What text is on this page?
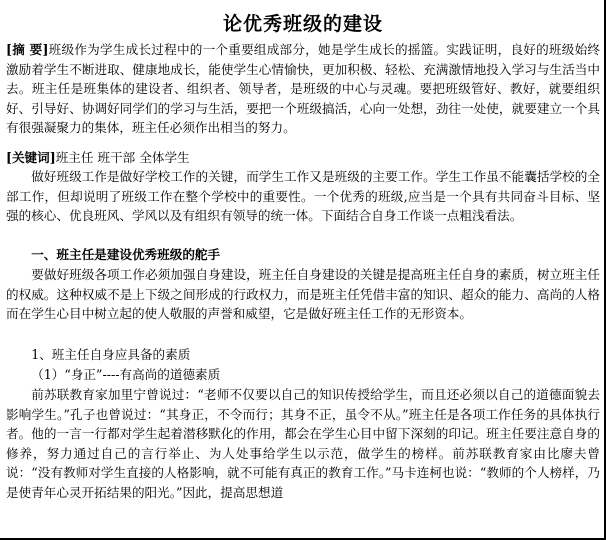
论优秀班级的建设

[摘 要]班级作为学生成长过程中的一个重要组成部分，她是学生成长的摇篮。实践证明，良好的班级始终激励着学生不断进取、健康地成长，能使学生心情愉快，更加积极、轻松、充满激情地投入学习与生活当中去。班主任是班集体的建设者、组织者、领导者，是班级的中心与灵魂。要把班级管好、教好，就要组织好、引导好、协调好同学们的学习与生活，要把一个班级搞活，心向一处想，劲往一处使，就要建立一个具有很强凝聚力的集体，班主任必须作出相当的努力。

[关键词]班主任 班干部 全体学生

做好班级工作是做好学校工作的关键，而学生工作又是班级的主要工作。学生工作虽不能囊括学校的全部工作，但却说明了班级工作在整个学校中的重要性。一个优秀的班级,应当是一个具有共同奋斗目标、坚强的核心、优良班风、学风以及有组织有领导的统一体。下面结合自身工作谈一点粗浅看法。

一、班主任是建设优秀班级的舵手

要做好班级各项工作必须加强自身建设，班主任自身建设的关键是提高班主任自身的素质，树立班主任的权威。这种权威不是上下级之间形成的行政权力，而是班主任凭借丰富的知识、超众的能力、高尚的人格而在学生心目中树立起的使人敬服的声誉和威望，它是做好班主任工作的无形资本。

1、班主任自身应具备的素质

（1）“身正”----有高尚的道德素质

前苏联教育家加里宁曾说过：“老师不仅要以自己的知识传授给学生，而且还必须以自己的道德面貌去影响学生。”孔子也曾说过：“其身正，不令而行；其身不正，虽令不从。”班主任是各项工作任务的具体执行者。他的一言一行都对学生起着潜移默化的作用，都会在学生心目中留下深刻的印记。班主任要注意自身的修养，努力通过自己的言行举止、为人处事给学生以示范，做学生的榜样。前苏联教育家由比廖夫曾说：“没有教师对学生直接的人格影响，就不可能有真正的教育工作。”马卡连柯也说：“教师的个人榜样，乃是使青年心灵开拓结果的阳光。”因此，提高思想道
